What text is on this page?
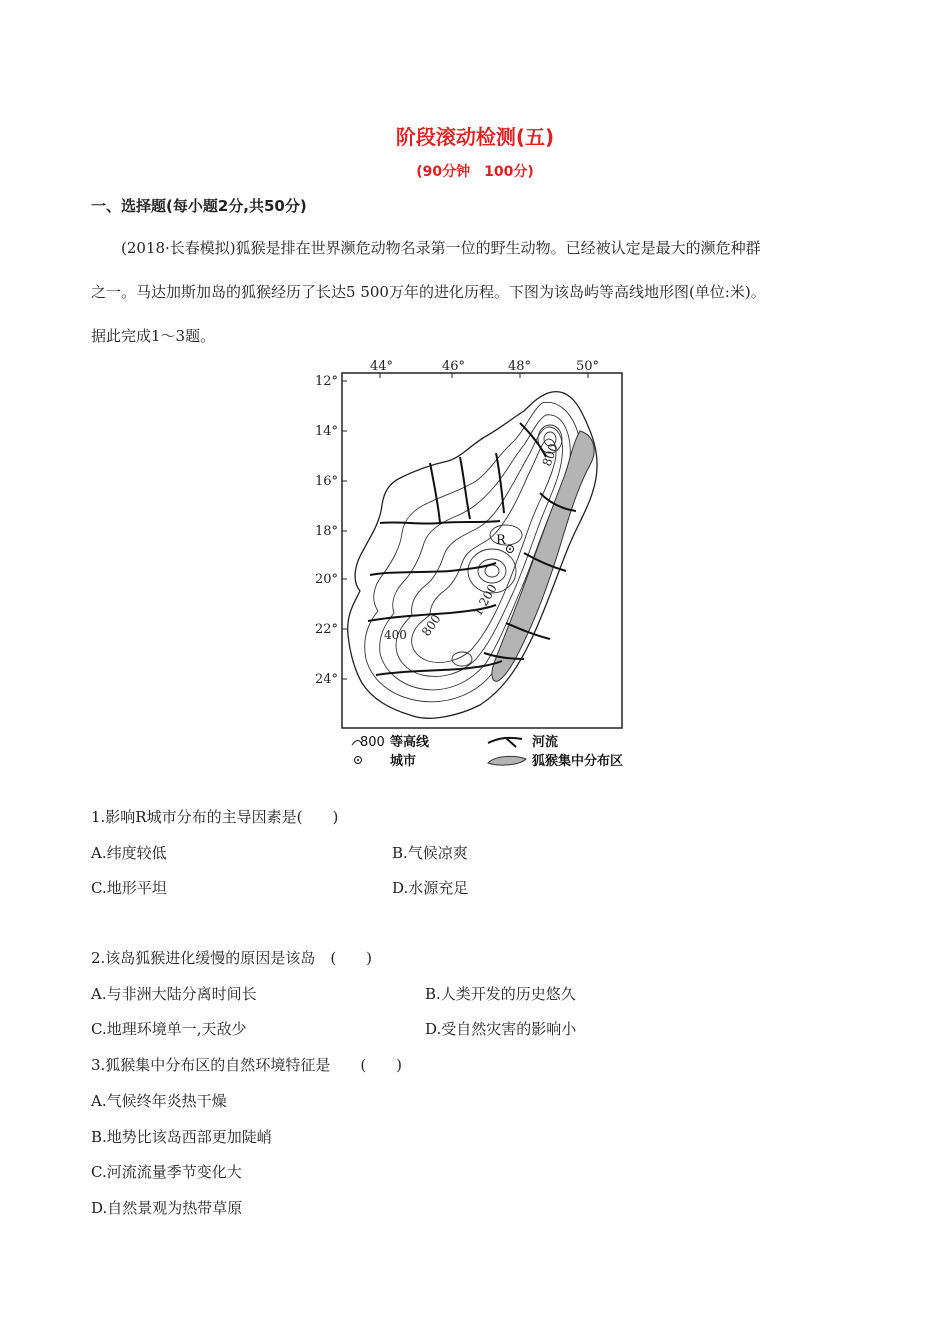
阶段滚动检测(五)
(90分钟　100分)
一、选择题(每小题2分,共50分)
(2018·长春模拟)狐猴是排在世界濒危动物名录第一位的野生动物。已经被认定是最大的濒危种群
之一。马达加斯加岛的狐猴经历了长达5 500万年的进化历程。下图为该岛屿等高线地形图(单位:米)。
据此完成1～3题。
44°	46°	48°	50°
12°
14°
16°
18°
20°
22°
24°
800
1 200
400 800
R
800 等高线	河流
城市	狐猴集中分布区
1.影响R城市分布的主导因素是(　　)
A.纬度较低	B.气候凉爽
C.地形平坦	D.水源充足
2.该岛狐猴进化缓慢的原因是该岛　(　　)
A.与非洲大陆分离时间长	B.人类开发的历史悠久
C.地理环境单一,天敌少	D.受自然灾害的影响小
3.狐猴集中分布区的自然环境特征是　　(　　)
A.气候终年炎热干燥
B.地势比该岛西部更加陡峭
C.河流流量季节变化大
D.自然景观为热带草原
